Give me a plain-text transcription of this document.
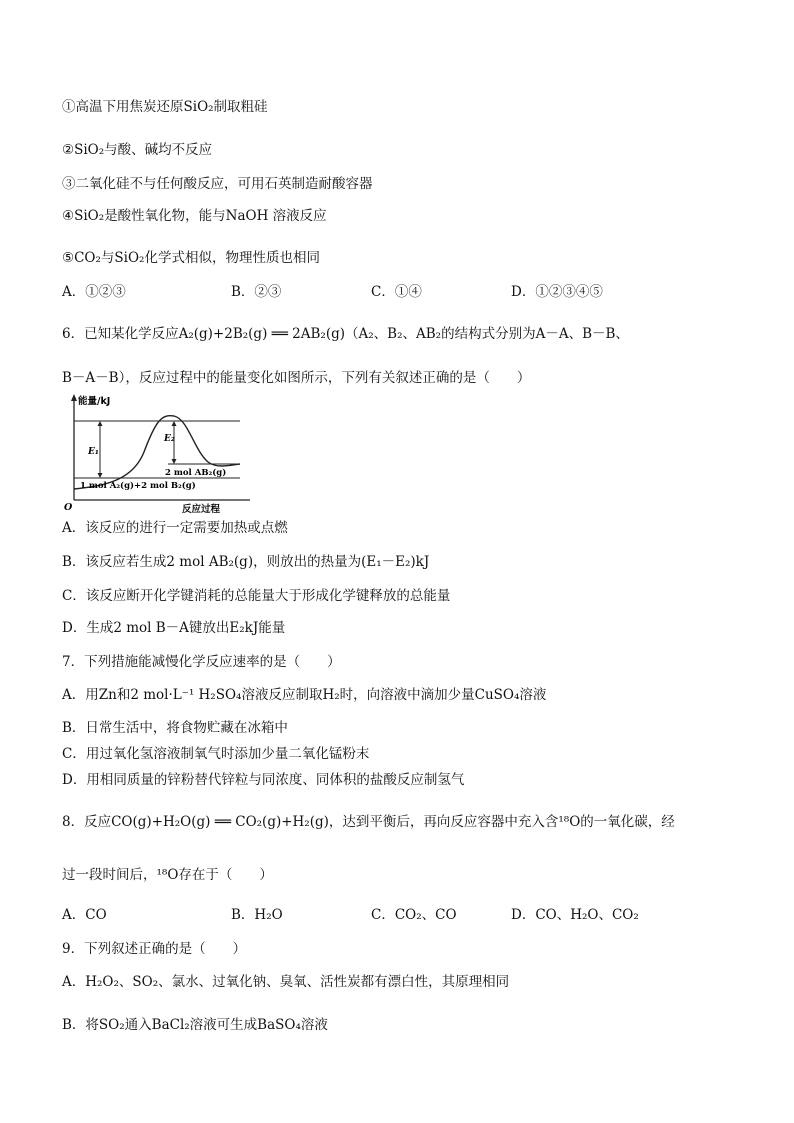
①高温下用焦炭还原SiO₂制取粗硅
②SiO₂与酸、碱均不反应
③二氧化硅不与任何酸反应，可用石英制造耐酸容器
④SiO₂是酸性氧化物，能与NaOH 溶液反应
⑤CO₂与SiO₂化学式相似，物理性质也相同
A．①②③	B．②③	C．①④	D．①②③④⑤
6．已知某化学反应A₂(g)+2B₂(g) ══ 2AB₂(g)（A₂、B₂、AB₂的结构式分别为A－A、B－B、
B－A－B），反应过程中的能量变化如图所示，下列有关叙述正确的是（　　）
能量/kJ
E₁
E₂
2 mol AB₂(g)
1 mol A₂(g)+2 mol B₂(g)
O	反应过程
A．该反应的进行一定需要加热或点燃
B．该反应若生成2 mol AB₂(g)，则放出的热量为(E₁－E₂)kJ
C．该反应断开化学键消耗的总能量大于形成化学键释放的总能量
D．生成2 mol B－A键放出E₂kJ能量
7．下列措施能减慢化学反应速率的是（　　）
A．用Zn和2 mol·L⁻¹ H₂SO₄溶液反应制取H₂时，向溶液中滴加少量CuSO₄溶液
B．日常生活中，将食物贮藏在冰箱中
C．用过氧化氢溶液制氧气时添加少量二氧化锰粉末
D．用相同质量的锌粉替代锌粒与同浓度、同体积的盐酸反应制氢气
8．反应CO(g)+H₂O(g) ══ CO₂(g)+H₂(g)，达到平衡后，再向反应容器中充入含¹⁸O的一氧化碳，经
过一段时间后，¹⁸O存在于（　　）
A．CO	B．H₂O	C．CO₂、CO	D．CO、H₂O、CO₂
9．下列叙述正确的是（　　）
A．H₂O₂、SO₂、氯水、过氧化钠、臭氧、活性炭都有漂白性，其原理相同
B．将SO₂通入BaCl₂溶液可生成BaSO₄溶液
